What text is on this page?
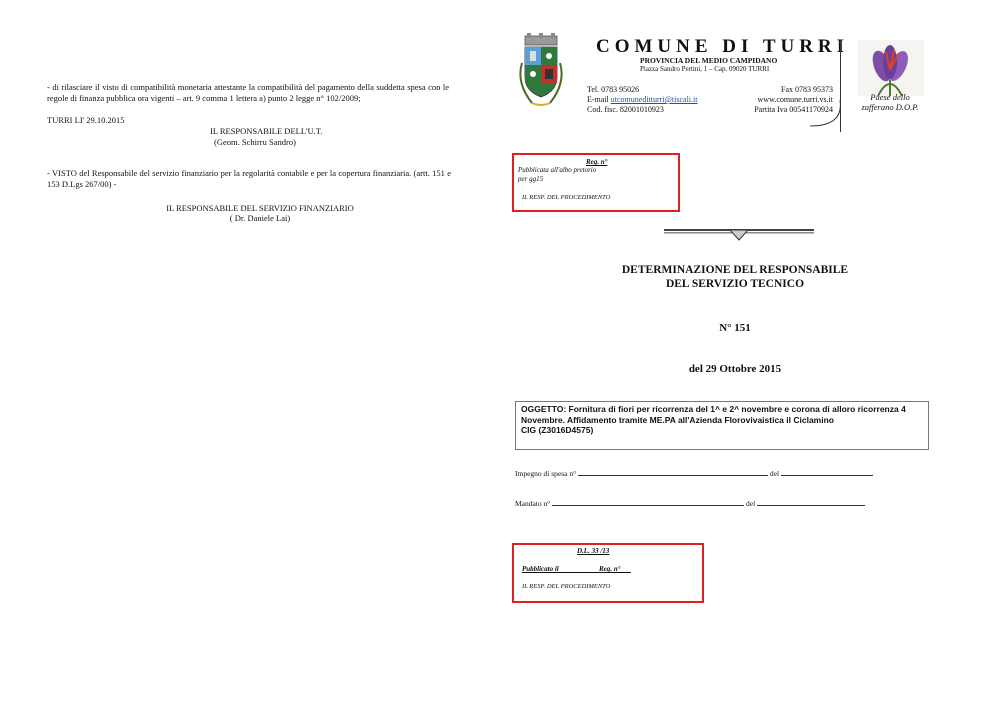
- di rilasciare il visto di compatibilità monetaria attestante la compatibilità del pagamento della suddetta spesa con le regole di finanza pubblica ora vigenti – art. 9 comma 1 lettera a) punto 2 legge n° 102/2009;
TURRI LI' 29.10.2015
IL RESPONSABILE DELL'U.T.
(Geom. Schirru Sandro)
- VISTO del Responsabile del servizio finanziario per la regolarità contabile e per la copertura finanziaria. (artt. 151 e 153 D.Lgs 267/00) -
IL RESPONSABILE DEL SERVIZIO FINANZIARIO
( Dr. Daniele Lai)
COMUNE DI TURRI
PROVINCIA DEL MEDIO CAMPIDANO
Piazza Sandro Pertini, 1 – Cap. 09020 TURRI
Tel. 0783 95026
E-mail utcomuneditturri@tiscali.it
Cod. fisc. 82001010923
Fax 0783 95373
www.comune.turri.vs.it
Partita Iva 00541170924
Paese dello
zafferano D.O.P.
Reg. n°
Pubblicata all'albo pretorio
per gg15
IL RESP. DEL PROCEDIMENTO
DETERMINAZIONE DEL RESPONSABILE
DEL SERVIZIO TECNICO
N° 151
del 29 Ottobre 2015
OGGETTO: Fornitura di fiori per ricorrenza del 1^ e 2^ novembre e corona di alloro ricorrenza 4
Novembre. Affidamento tramite ME.PA all'Azienda Florovivaistica il Ciclamino
CIG (Z3016D4575)
Impegno di spesa n°	del
Mandato n°	del
D.L. 33 /13
Pubblicato il	Reg. n°
IL RESP. DEL PROCEDIMENTO
